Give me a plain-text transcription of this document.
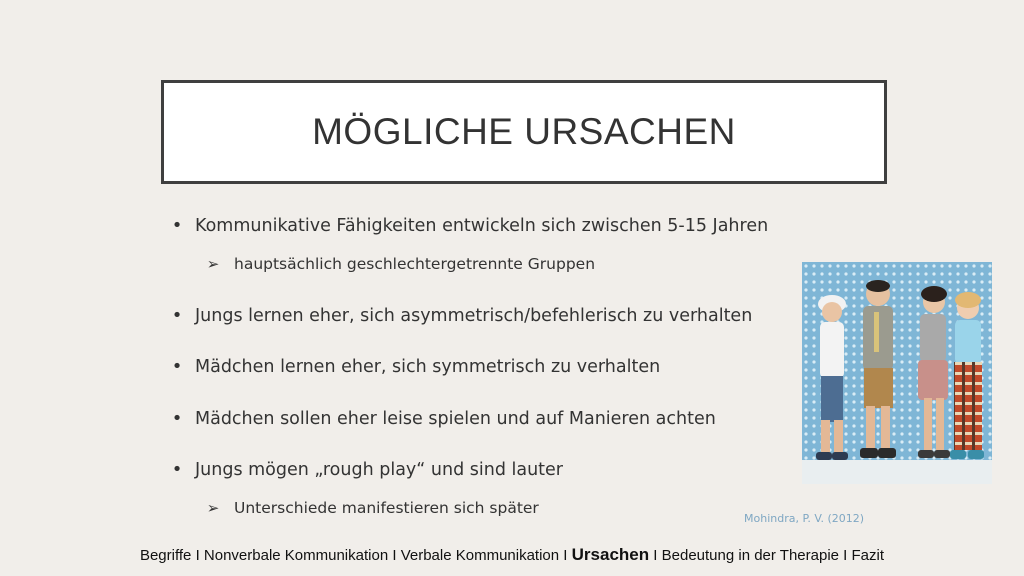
MÖGLICHE URSACHEN
• Kommunikative Fähigkeiten entwickeln sich zwischen 5-15 Jahren
➢ hauptsächlich geschlechtergetrennte Gruppen
• Jungs lernen eher, sich asymmetrisch/befehlerisch zu verhalten
• Mädchen lernen eher, sich symmetrisch zu verhalten
• Mädchen sollen eher leise spielen und auf Manieren achten
• Jungs mögen „rough play“ und sind lauter
➢ Unterschiede manifestieren sich später
Mohindra, P. V. (2012)
Begriffe I Nonverbale Kommunikation I Verbale Kommunikation I Ursachen I Bedeutung in der Therapie I Fazit
